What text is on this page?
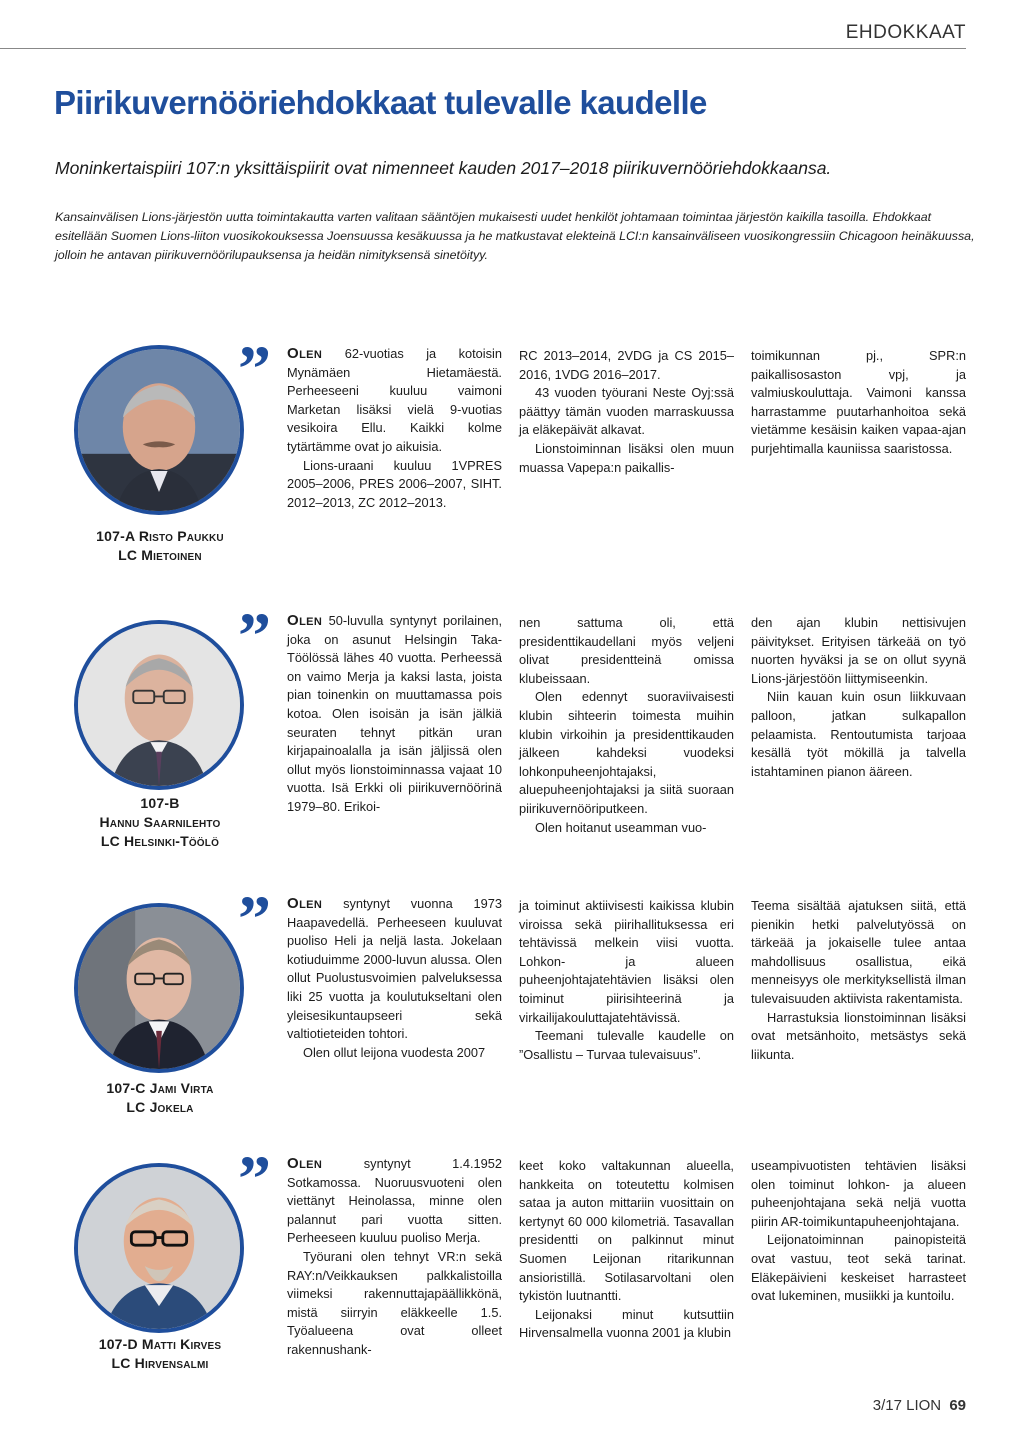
EHDOKKAAT
Piirikuvernööriehdokkaat tulevalle kaudelle

Moninkertaispiiri 107:n yksittäispiirit ovat nimenneet kauden 2017–2018 piirikuvernööriehdokkaansa.

Kansainvälisen Lions-järjestön uutta toimintakautta varten valitaan sääntöjen mukaisesti uudet henkilöt johtamaan toimintaa järjestön kaikilla tasoilla. Ehdokkaat esitellään Suomen Lions-liiton vuosikokouksessa Joensuussa kesäkuussa ja he matkustavat elekteinä LCI:n kansainväliseen vuosikongressiin Chicagoon heinäkuussa, jolloin he antavan piirikuvernöörilupauksensa ja heidän nimityksensä sinetöityy.

”
107-A Risto Paukku
LC Mietoinen

Olen 62-vuotias ja kotoisin Mynämäen Hietamäestä. Perheeseeni kuuluu vaimoni Marketan lisäksi vielä 9-vuotias vesikoira Ellu. Kaikki kolme tytärtämme ovat jo aikuisia.

Lions-uraani kuuluu 1VPRES 2005–2006, PRES 2006–2007, SIHT. 2012–2013, ZC 2012–2013.

RC 2013–2014, 2VDG ja CS 2015–2016, 1VDG 2016–2017.

43 vuoden työurani Neste Oyj:ssä päättyy tämän vuoden marraskuussa ja eläkepäivät alkavat.

Lionstoiminnan lisäksi olen muun muassa Vapepa:n paikallis-

toimikunnan pj., SPR:n paikallisosaston vpj, ja valmiuskouluttaja. Vaimoni kanssa harrastamme puutarhanhoitoa sekä vietämme kesäisin kaiken vapaa-ajan purjehtimalla kauniissa saaristossa.

”
107-B
Hannu Saarnilehto
LC Helsinki-Töölö

Olen 50-luvulla syntynyt porilainen, joka on asunut Helsingin Taka-Töölössä lähes 40 vuotta. Perheessä on vaimo Merja ja kaksi lasta, joista pian toinenkin on muuttamassa pois kotoa. Olen isoisän ja isän jälkiä seuraten tehnyt pitkän uran kirjapainoalalla ja isän jäljissä olen ollut myös lionstoiminnassa vajaat 10 vuotta. Isä Erkki oli piirikuvernöörinä 1979–80. Erikoi-

nen sattuma oli, että presidenttikaudellani myös veljeni olivat presidentteinä omissa klubeissaan.

Olen edennyt suoraviivaisesti klubin sihteerin toimesta muihin klubin virkoihin ja presidenttikauden jälkeen kahdeksi vuodeksi lohkonpuheenjohtajaksi, aluepuheenjohtajaksi ja siitä suoraan piirikuvernööriputkeen.

Olen hoitanut useamman vuo-

den ajan klubin nettisivujen päivitykset. Erityisen tärkeää on työ nuorten hyväksi ja se on ollut syynä Lions-järjestöön liittymiseenkin.

Niin kauan kuin osun liikkuvaan palloon, jatkan sulkapallon pelaamista. Rentoutumista tarjoaa kesällä työt mökillä ja talvella istahtaminen pianon ääreen.

”
107-C Jami Virta
LC Jokela

Olen syntynyt vuonna 1973 Haapavedellä. Perheeseen kuuluvat puoliso Heli ja neljä lasta. Jokelaan kotiuduimme 2000-luvun alussa. Olen ollut Puolustusvoimien palveluksessa liki 25 vuotta ja koulutukseltani olen yleisesikuntaupseeri sekä valtiotieteiden tohtori.

Olen ollut leijona vuodesta 2007

ja toiminut aktiivisesti kaikissa klubin viroissa sekä piirihallituksessa eri tehtävissä melkein viisi vuotta. Lohkon- ja alueen puheenjohtajatehtävien lisäksi olen toiminut piirisihteerinä ja virkailijakouluttajatehtävissä.

Teemani tulevalle kaudelle on ”Osallistu – Turvaa tulevaisuus”.

Teema sisältää ajatuksen siitä, että pienikin hetki palvelutyössä on tärkeää ja jokaiselle tulee antaa mahdollisuus osallistua, eikä menneisyys ole merkityksellistä ilman tulevaisuuden aktiivista rakentamista.

Harrastuksia lionstoiminnan lisäksi ovat metsänhoito, metsästys sekä liikunta.

”
107-D Matti Kirves
LC Hirvensalmi

Olen	syntynyt 1.4.1952 Sotkamossa. Nuoruusvuoteni olen viettänyt Heinolassa, minne olen palannut pari vuotta sitten. Perheeseen kuuluu puoliso Merja.

Työurani olen tehnyt VR:n sekä RAY:n/Veikkauksen palkkalistoilla viimeksi rakennuttajapäällikkönä, mistä siirryin eläkkeelle 1.5. Työalueena ovat olleet rakennushank-

keet koko valtakunnan alueella, hankkeita on toteutettu kolmisen sataa ja auton mittariin vuosittain on kertynyt 60 000 kilometriä. Tasavallan presidentti on palkinnut minut Suomen Leijonan ritarikunnan ansioristillä. Sotilasarvoltani olen tykistön luutnantti.

Leijonaksi minut kutsuttiin Hirvensalmella vuonna 2001 ja klubin

useampivuotisten tehtävien lisäksi olen toiminut lohkon- ja alueen puheenjohtajana sekä neljä vuotta piirin AR-toimikuntapuheenjohtajana.

Leijonatoiminnan painopisteitä ovat vastuu, teot sekä tarinat. Eläkepäivieni keskeiset harrasteet ovat lukeminen, musiikki ja kuntoilu.

3/17 LION 69
